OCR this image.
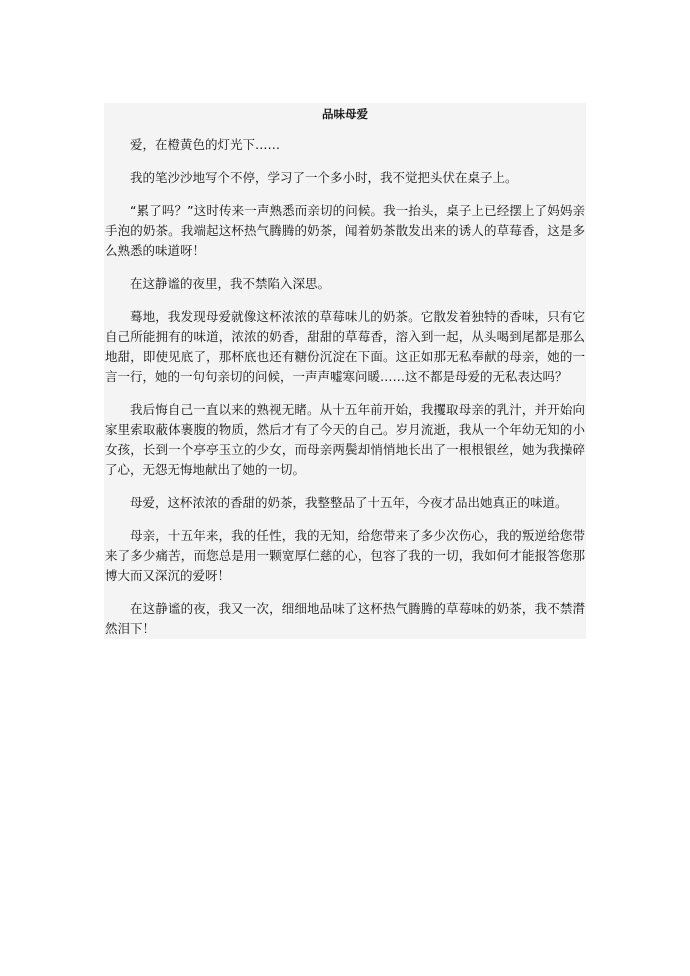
品味母爱

爱，在橙黄色的灯光下……

我的笔沙沙地写个不停，学习了一个多小时，我不觉把头伏在桌子上。

“累了吗？”这时传来一声熟悉而亲切的问候。我一抬头，桌子上已经摆上了妈妈亲手泡的奶茶。我端起这杯热气腾腾的奶茶，闻着奶茶散发出来的诱人的草莓香，这是多么熟悉的味道呀！

在这静谧的夜里，我不禁陷入深思。

蓦地，我发现母爱就像这杯浓浓的草莓味儿的奶茶。它散发着独特的香味，只有它自己所能拥有的味道，浓浓的奶香，甜甜的草莓香，溶入到一起，从头喝到尾都是那么地甜，即使见底了，那杯底也还有糖份沉淀在下面。这正如那无私奉献的母亲，她的一言一行，她的一句句亲切的问候，一声声嘘寒问暖……这不都是母爱的无私表达吗？

我后悔自己一直以来的熟视无睹。从十五年前开始，我攫取母亲的乳汁，并开始向家里索取蔽体裹腹的物质，然后才有了今天的自己。岁月流逝，我从一个年幼无知的小女孩，长到一个亭亭玉立的少女，而母亲两鬓却悄悄地长出了一根根银丝，她为我操碎了心，无怨无悔地献出了她的一切。

母爱，这杯浓浓的香甜的奶茶，我整整品了十五年，今夜才品出她真正的味道。

母亲，十五年来，我的任性，我的无知，给您带来了多少次伤心，我的叛逆给您带来了多少痛苦，而您总是用一颗宽厚仁慈的心，包容了我的一切，我如何才能报答您那博大而又深沉的爱呀！

在这静谧的夜，我又一次，细细地品味了这杯热气腾腾的草莓味的奶茶，我不禁潸然泪下！
